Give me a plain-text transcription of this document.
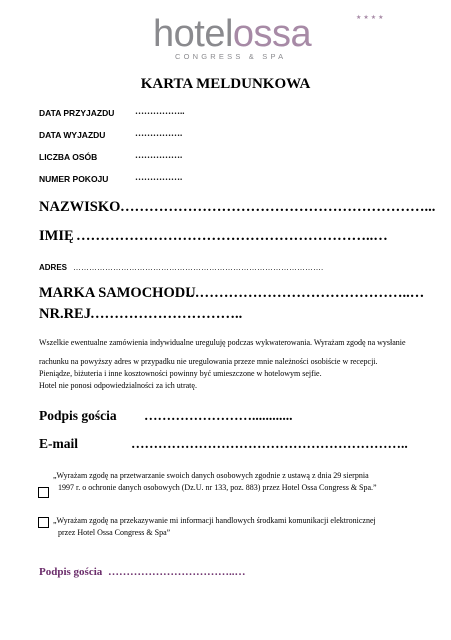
hotelossa	★★★★
CONGRESS & SPA
KARTA MELDUNKOWA
DATA PRZYJAZDU ……………..
DATA WYJAZDU	…………….
LICZBA OSÓB	…………….
NUMER POKOJU	…………….
NAZWISKO ………………………………………………………...
IMIĘ ……………………………………………………..…
ADRES ………………………………………………………………………………….
MARKA SAMOCHODU
………………………………………..…
NR.REJ …………………………..
Wszelkie ewentualne zamówienia indywidualne ureguluję podczas wykwaterowania. Wyrażam zgodę na wysłanie
rachunku na powyższy adres w przypadku nie uregulowania przeze mnie należności osobiście w recepcji.
Pieniądze, biżuteria i inne kosztowności powinny być umieszczone w hotelowym sejfie.
Hotel nie ponosi odpowiedzialności za ich utratę.
Podpis gościa ……………………............
E-mail	……………………………………………………..
„Wyrażam zgodę na przetwarzanie swoich danych osobowych zgodnie z ustawą z dnia 29 sierpnia
1997 r. o ochronie danych osobowych (Dz.U. nr 133, poz. 883) przez Hotel Ossa Congress & Spa.”
„Wyrażam zgodę na przekazywanie mi informacji handlowych środkami komunikacji elektronicznej
przez Hotel Ossa Congress & Spa”
Podpis gościa ……………………………..…
